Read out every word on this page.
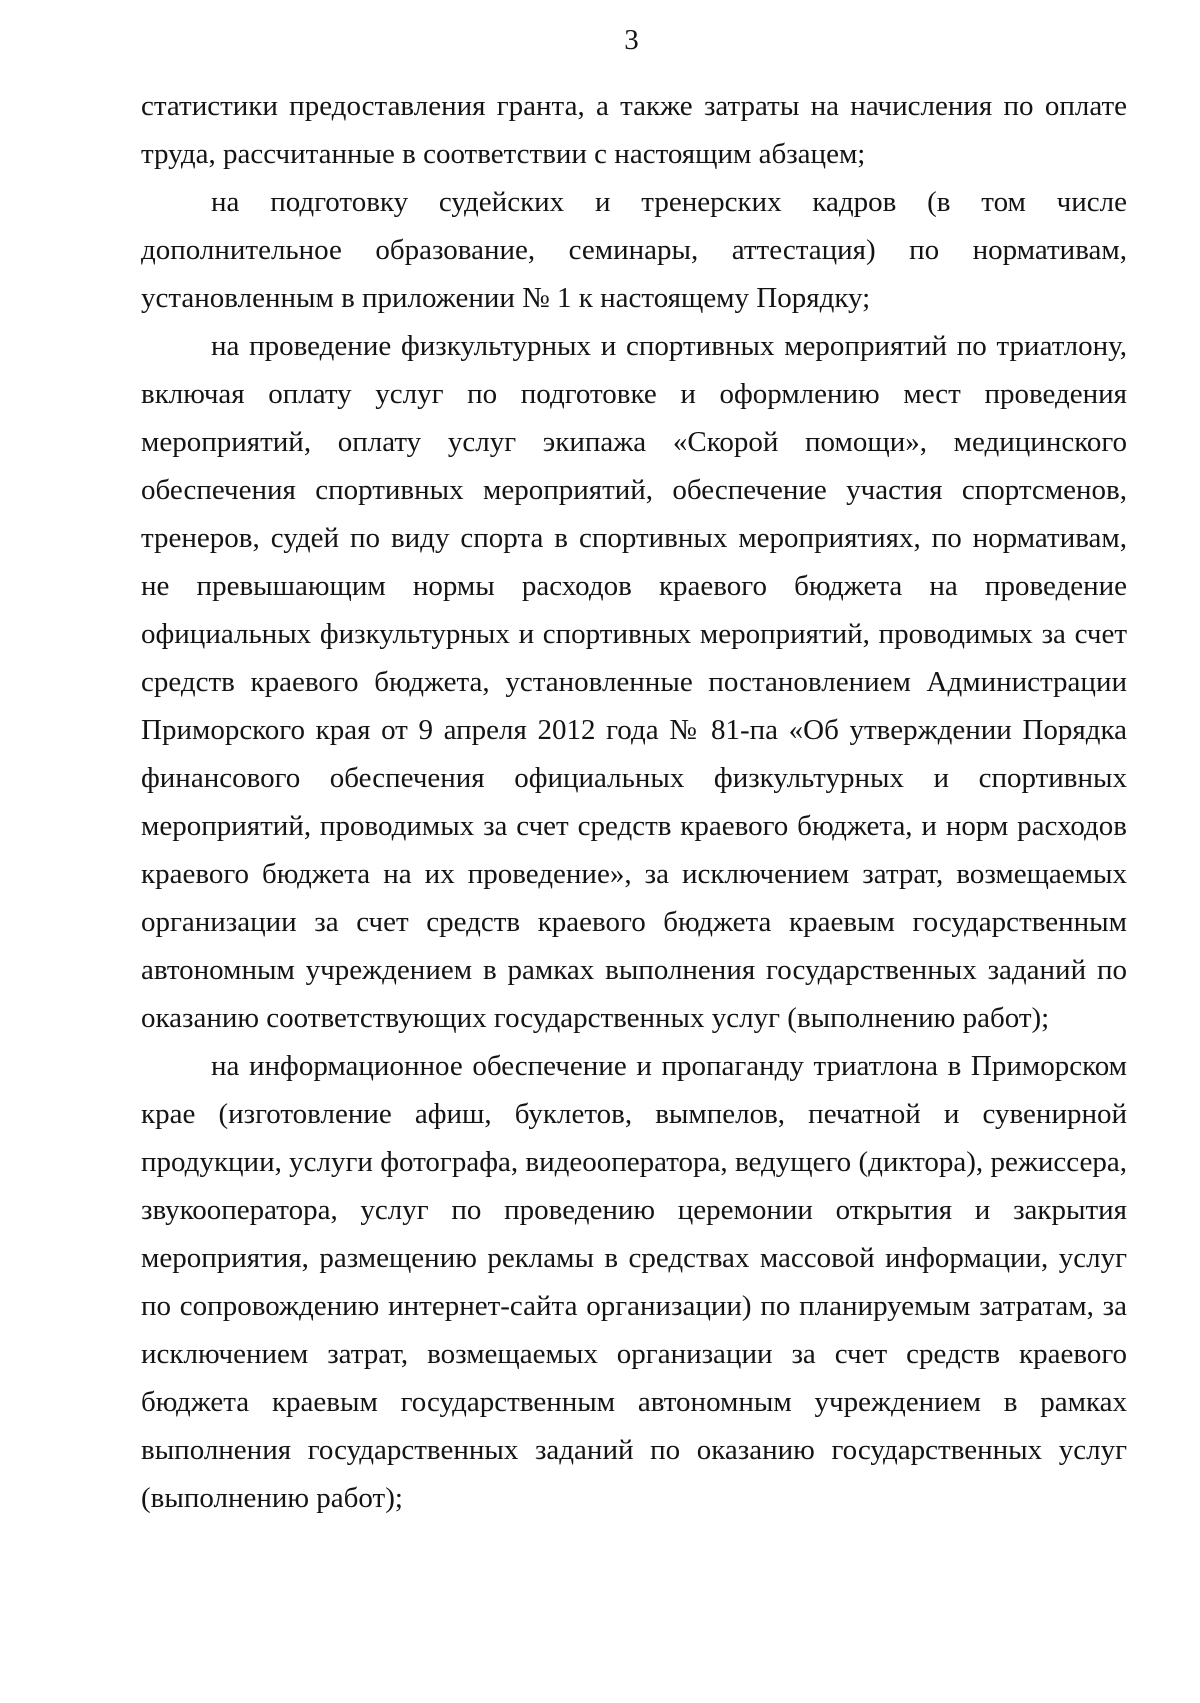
3

статистики предоставления гранта, а также затраты на начисления по оплате труда, рассчитанные в соответствии с настоящим абзацем;

на подготовку судейских и тренерских кадров (в том числе дополнительное образование, семинары, аттестация) по нормативам, установленным в приложении № 1 к настоящему Порядку;

на проведение физкультурных и спортивных мероприятий по триатлону, включая оплату услуг по подготовке и оформлению мест проведения мероприятий, оплату услуг экипажа «Скорой помощи», медицинского обеспечения спортивных мероприятий, обеспечение участия спортсменов, тренеров, судей по виду спорта в спортивных мероприятиях, по нормативам, не превышающим нормы расходов краевого бюджета на проведение официальных физкультурных и спортивных мероприятий, проводимых за счет средств краевого бюджета, установленные постановлением Администрации Приморского края от 9 апреля 2012 года № 81-па «Об утверждении Порядка финансового обеспечения официальных физкультурных и спортивных мероприятий, проводимых за счет средств краевого бюджета, и норм расходов краевого бюджета на их проведение», за исключением затрат, возмещаемых организации за счет средств краевого бюджета краевым государственным автономным учреждением в рамках выполнения государственных заданий по оказанию соответствующих государственных услуг (выполнению работ);

на информационное обеспечение и пропаганду триатлона в Приморском крае (изготовление афиш, буклетов, вымпелов, печатной и сувенирной продукции, услуги фотографа, видеооператора, ведущего (диктора), режиссера, звукооператора, услуг по проведению церемонии открытия и закрытия мероприятия, размещению рекламы в средствах массовой информации, услуг по сопровождению интернет-сайта организации) по планируемым затратам, за исключением затрат, возмещаемых организации за счет средств краевого бюджета краевым государственным автономным учреждением в рамках выполнения государственных заданий по оказанию государственных услуг (выполнению работ);
